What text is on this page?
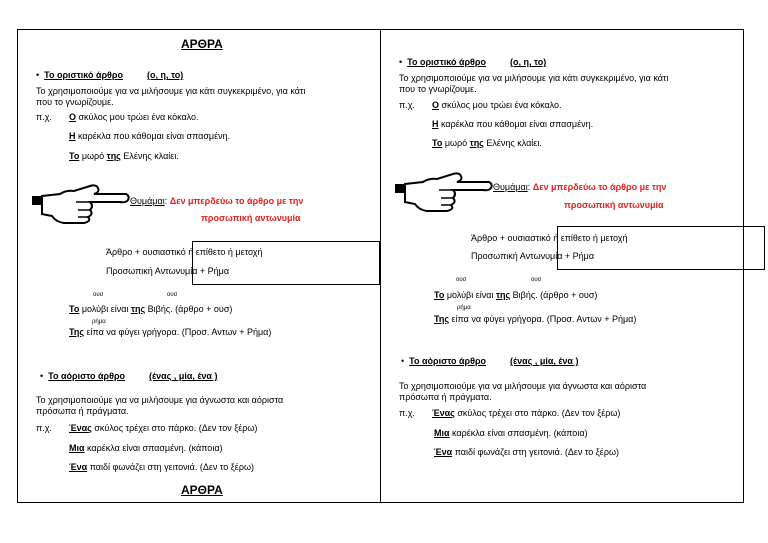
ΑΡΘΡΑ
•  Το οριστικό άρθρο	(ο, η, το)
Το χρησιμοποιούμε για να μιλήσουμε για κάτι συγκεκριμένο, για κάτι
που το γνωρίζουμε.
π.χ. Ο σκύλος μου τρώει ένα κόκαλο.
Η καρέκλα που κάθομαι είναι σπασμένη.
Το μωρό της Ελένης κλαίει.
Θυμάμαι: Δεν μπερδεύω το άρθρο με την
προσωπική αντωνυμία
Άρθρο + ουσιαστικό ή επίθετο ή μετοχή
Προσωπική Αντωνυμία + Ρήμα
ουσ	ουσ
Το μολύβι είναι της Βιβής. (άρθρο + ουσ)
ρήμα
Της είπα να φύγει γρήγορα. (Προσ. Αντων + Ρήμα)
•  Το αόριστο άρθρο	(ένας , μία, ένα )
Το χρησιμοποιούμε για να μιλήσουμε για άγνωστα και αόριστα
πρόσωπα ή πράγματα.
π.χ. Ένας σκύλος τρέχει στο πάρκο. (Δεν τον ξέρω)
Μια καρέκλα είναι σπασμένη. (κάποια)
Ένα παιδί φωνάζει στη γειτονιά. (Δεν το ξέρω)
ΑΡΘΡΑ
•  Το οριστικό άρθρο	(ο, η, το)
Το χρησιμοποιούμε για να μιλήσουμε για κάτι συγκεκριμένο, για κάτι
που το γνωρίζουμε.
π.χ. Ο σκύλος μου τρώει ένα κόκαλο.
Η καρέκλα που κάθομαι είναι σπασμένη.
Το μωρό της Ελένης κλαίει.
Θυμάμαι: Δεν μπερδεύω το άρθρο με την
προσωπική αντωνυμία
Άρθρο + ουσιαστικό ή επίθετο ή μετοχή
Προσωπική Αντωνυμία + Ρήμα
ουσ	ουσ
Το μολύβι είναι της Βιβής. (άρθρο + ουσ)
ρήμα
Της είπα να φύγει γρήγορα. (Προσ. Αντων + Ρήμα)
•  Το αόριστο άρθρο	(ένας , μία, ένα )
Το χρησιμοποιούμε για να μιλήσουμε για άγνωστα και αόριστα
πρόσωπα ή πράγματα.
π.χ. Ένας σκύλος τρέχει στο πάρκο. (Δεν τον ξέρω)
Μια καρέκλα είναι σπασμένη. (κάποια)
Ένα παιδί φωνάζει στη γειτονιά. (Δεν το ξέρω)
